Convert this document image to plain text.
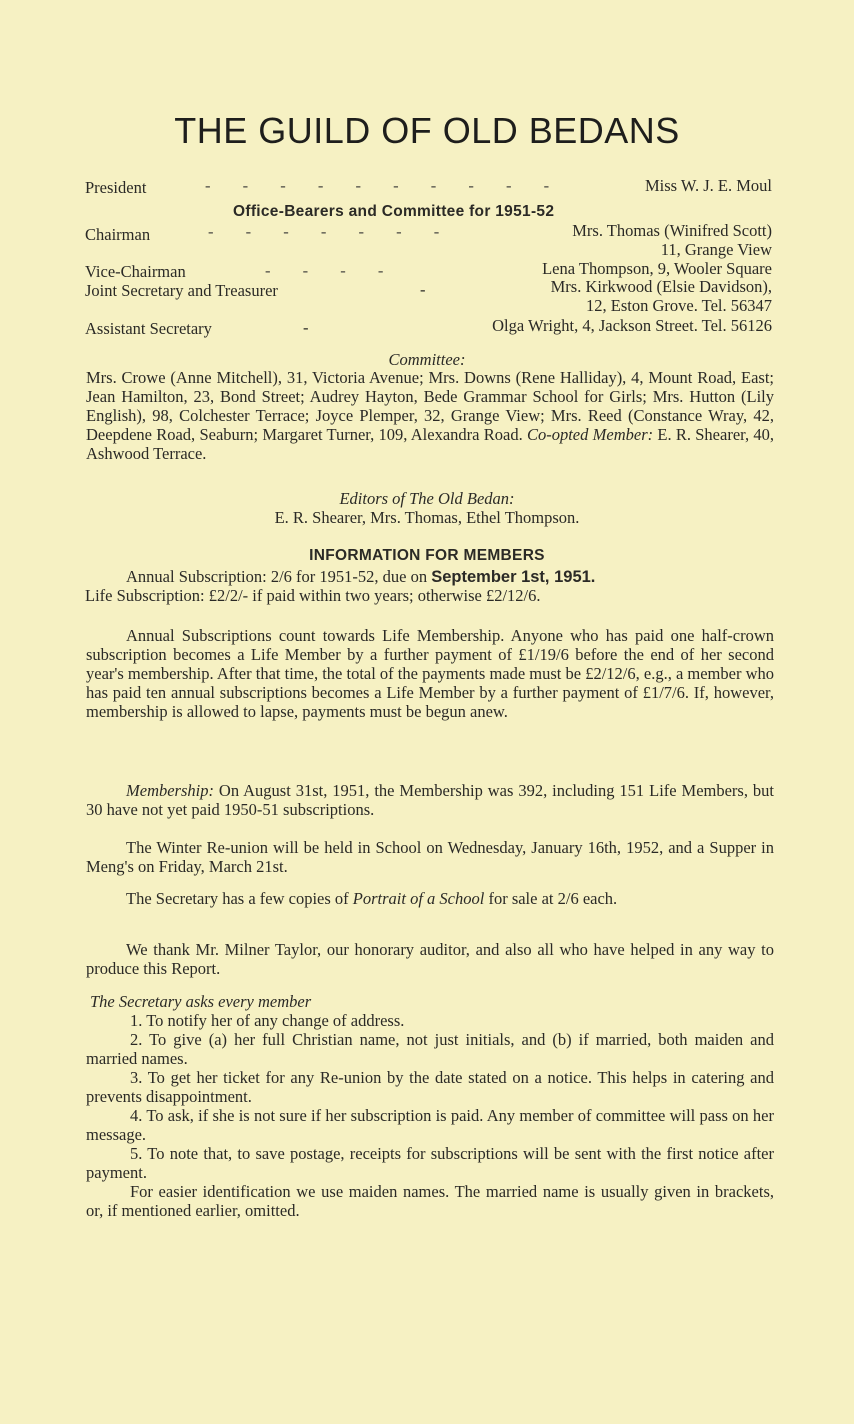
THE GUILD OF OLD BEDANS
President	- - - - - - - - - -	Miss W. J. E. Moul
Office-Bearers and Committee for 1951-52
Chairman	- - - - - - -	Mrs. Thomas (Winifred Scott)
11, Grange View
Vice-Chairman	- - - -	Lena Thompson, 9, Wooler Square
Joint Secretary and Treasurer	-	Mrs. Kirkwood (Elsie Davidson),
12, Eston Grove. Tel. 56347
Assistant Secretary	-	Olga Wright, 4, Jackson Street. Tel. 56126
Committee:
Mrs. Crowe (Anne Mitchell), 31, Victoria Avenue; Mrs. Downs (Rene Halliday), 4, Mount Road, East; Jean Hamilton, 23, Bond Street; Audrey Hayton, Bede Grammar School for Girls; Mrs. Hutton (Lily English), 98, Colchester Terrace; Joyce Plemper, 32, Grange View; Mrs. Reed (Constance Wray, 42, Deepdene Road, Seaburn; Margaret Turner, 109, Alexandra Road. Co-opted Member: E. R. Shearer, 40, Ashwood Terrace.
Editors of The Old Bedan:
E. R. Shearer, Mrs. Thomas, Ethel Thompson.
INFORMATION FOR MEMBERS
Annual Subscription: 2/6 for 1951-52, due on September 1st, 1951.
Life Subscription: £2/2/- if paid within two years; otherwise £2/12/6.
Annual Subscriptions count towards Life Membership. Anyone who has paid one half-crown subscription becomes a Life Member by a further payment of £1/19/6 before the end of her second year's membership. After that time, the total of the payments made must be £2/12/6, e.g., a member who has paid ten annual subscriptions becomes a Life Member by a further payment of £1/7/6. If, however, membership is allowed to lapse, payments must be begun anew.
Membership: On August 31st, 1951, the Membership was 392, including 151 Life Members, but 30 have not yet paid 1950-51 subscriptions.
The Winter Re-union will be held in School on Wednesday, January 16th, 1952, and a Supper in Meng's on Friday, March 21st.
The Secretary has a few copies of Portrait of a School for sale at 2/6 each.
We thank Mr. Milner Taylor, our honorary auditor, and also all who have helped in any way to produce this Report.
The Secretary asks every member
1. To notify her of any change of address.
2. To give (a) her full Christian name, not just initials, and (b) if married, both maiden and married names.
3. To get her ticket for any Re-union by the date stated on a notice. This helps in catering and prevents disappointment.
4. To ask, if she is not sure if her subscription is paid. Any member of committee will pass on her message.
5. To note that, to save postage, receipts for subscriptions will be sent with the first notice after payment.
For easier identification we use maiden names. The married name is usually given in brackets, or, if mentioned earlier, omitted.
